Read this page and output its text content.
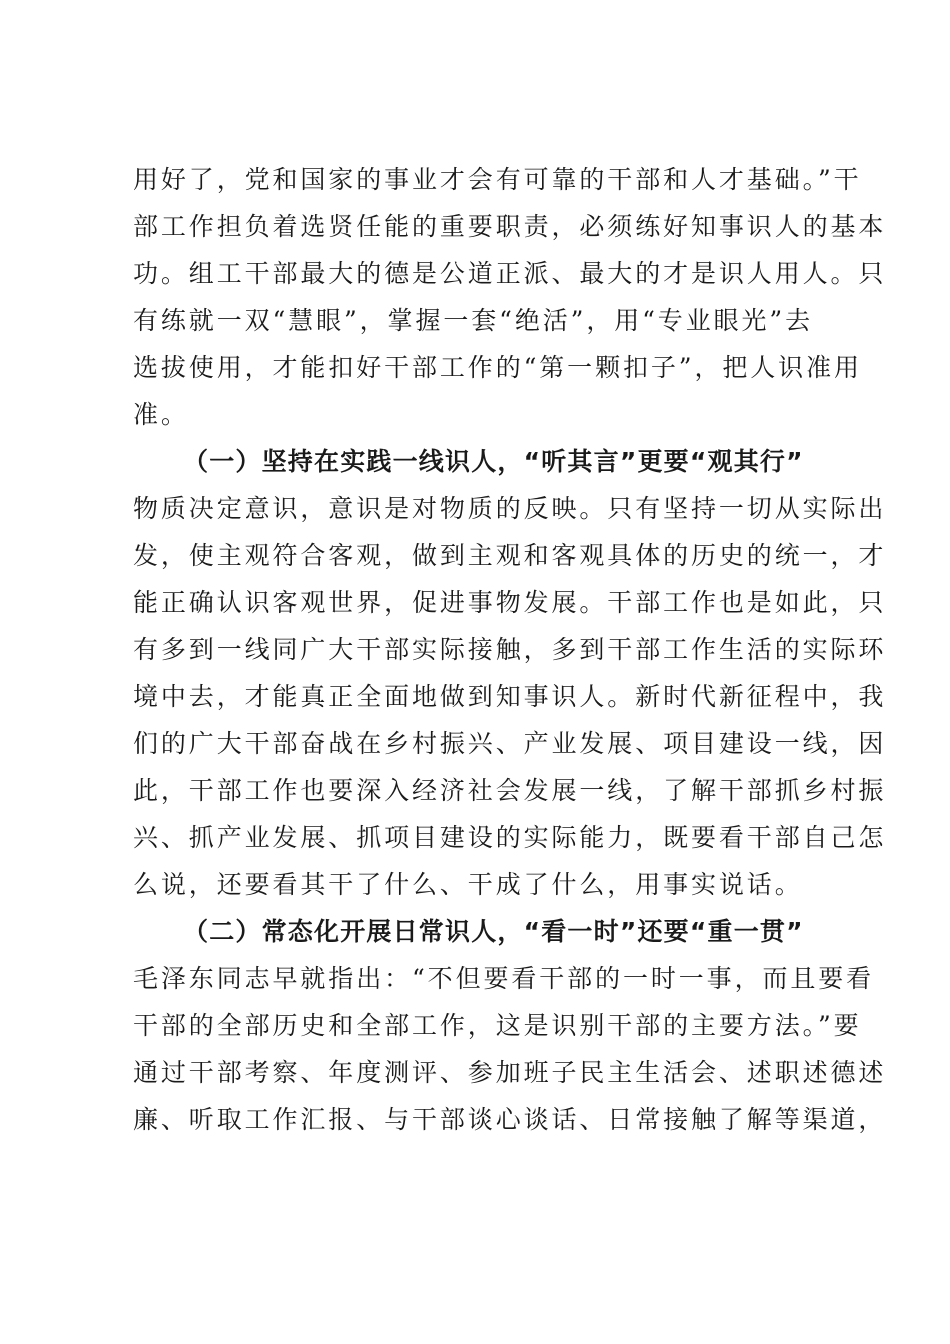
用好了，党和国家的事业才会有可靠的干部和人才基础。”干
部工作担负着选贤任能的重要职责，必须练好知事识人的基本
功。组工干部最大的德是公道正派、最大的才是识人用人。只
有练就一双“慧眼”，掌握一套“绝活”，用“专业眼光”去
选拔使用，才能扣好干部工作的“第一颗扣子”，把人识准用
准。
（一）坚持在实践一线识人，“听其言”更要“观其行”
物质决定意识，意识是对物质的反映。只有坚持一切从实际出
发，使主观符合客观，做到主观和客观具体的历史的统一，才
能正确认识客观世界，促进事物发展。干部工作也是如此，只
有多到一线同广大干部实际接触，多到干部工作生活的实际环
境中去，才能真正全面地做到知事识人。新时代新征程中，我
们的广大干部奋战在乡村振兴、产业发展、项目建设一线，因
此，干部工作也要深入经济社会发展一线，了解干部抓乡村振
兴、抓产业发展、抓项目建设的实际能力，既要看干部自己怎
么说，还要看其干了什么、干成了什么，用事实说话。
（二）常态化开展日常识人，“看一时”还要“重一贯”
毛泽东同志早就指出：“不但要看干部的一时一事，而且要看
干部的全部历史和全部工作，这是识别干部的主要方法。”要
通过干部考察、年度测评、参加班子民主生活会、述职述德述
廉、听取工作汇报、与干部谈心谈话、日常接触了解等渠道，
